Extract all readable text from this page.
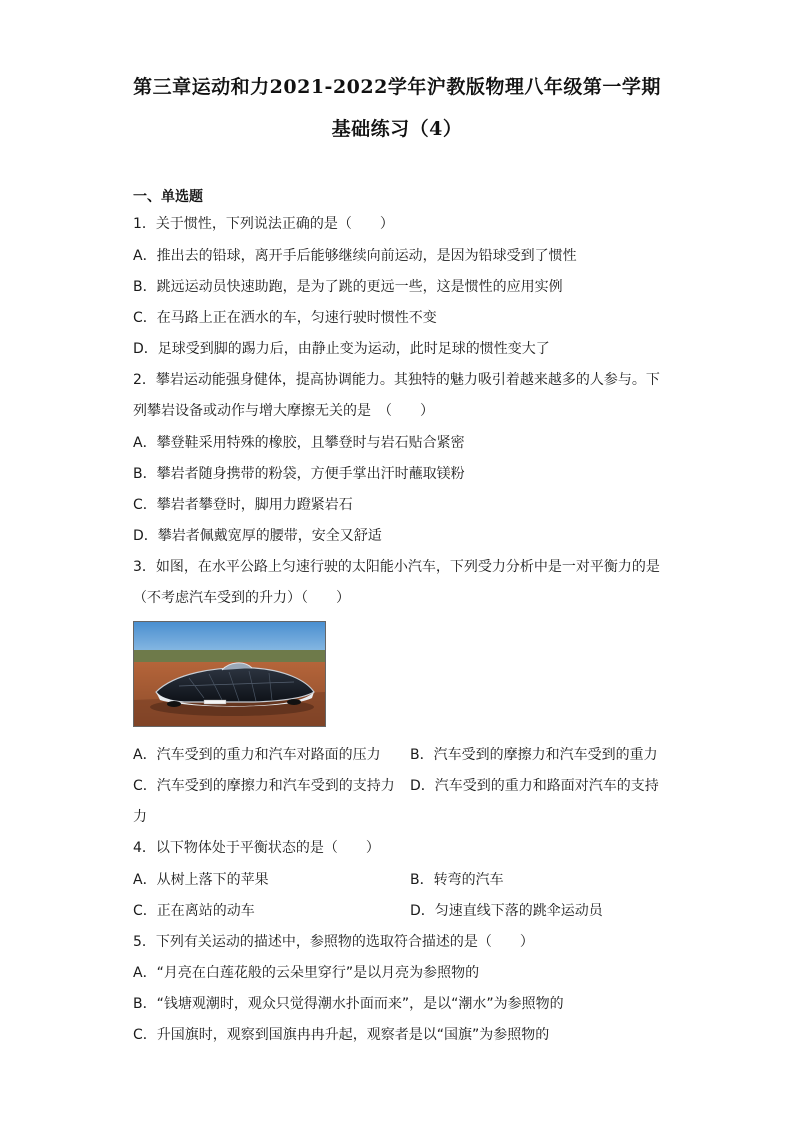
第三章运动和力2021-2022学年沪教版物理八年级第一学期
基础练习（4）
一、单选题
1．关于惯性，下列说法正确的是（　　）
A．推出去的铅球，离开手后能够继续向前运动，是因为铅球受到了惯性
B．跳远运动员快速助跑，是为了跳的更远一些，这是惯性的应用实例
C．在马路上正在洒水的车，匀速行驶时惯性不变
D．足球受到脚的踢力后，由静止变为运动，此时足球的惯性变大了
2．攀岩运动能强身健体，提高协调能力。其独特的魅力吸引着越来越多的人参与。下
列攀岩设备或动作与增大摩擦无关的是　（　　）
A．攀登鞋采用特殊的橡胶，且攀登时与岩石贴合紧密
B．攀岩者随身携带的粉袋，方便手掌出汗时蘸取镁粉
C．攀岩者攀登时，脚用力蹬紧岩石
D．攀岩者佩戴宽厚的腰带，安全又舒适
3．如图，在水平公路上匀速行驶的太阳能小汽车，下列受力分析中是一对平衡力的是
（不考虑汽车受到的升力）（　　）
A．汽车受到的重力和汽车对路面的压力 B．汽车受到的摩擦力和汽车受到的重力
C．汽车受到的摩擦力和汽车受到的支持力 D．汽车受到的重力和路面对汽车的支持
力
4．以下物体处于平衡状态的是（　　）
A．从树上落下的苹果	B．转弯的汽车
C．正在离站的动车	D．匀速直线下落的跳伞运动员
5．下列有关运动的描述中，参照物的选取符合描述的是（　　）
A．“月亮在白莲花般的云朵里穿行”是以月亮为参照物的
B．“钱塘观潮时，观众只觉得潮水扑面而来”，是以“潮水”为参照物的
C．升国旗时，观察到国旗冉冉升起，观察者是以“国旗”为参照物的
